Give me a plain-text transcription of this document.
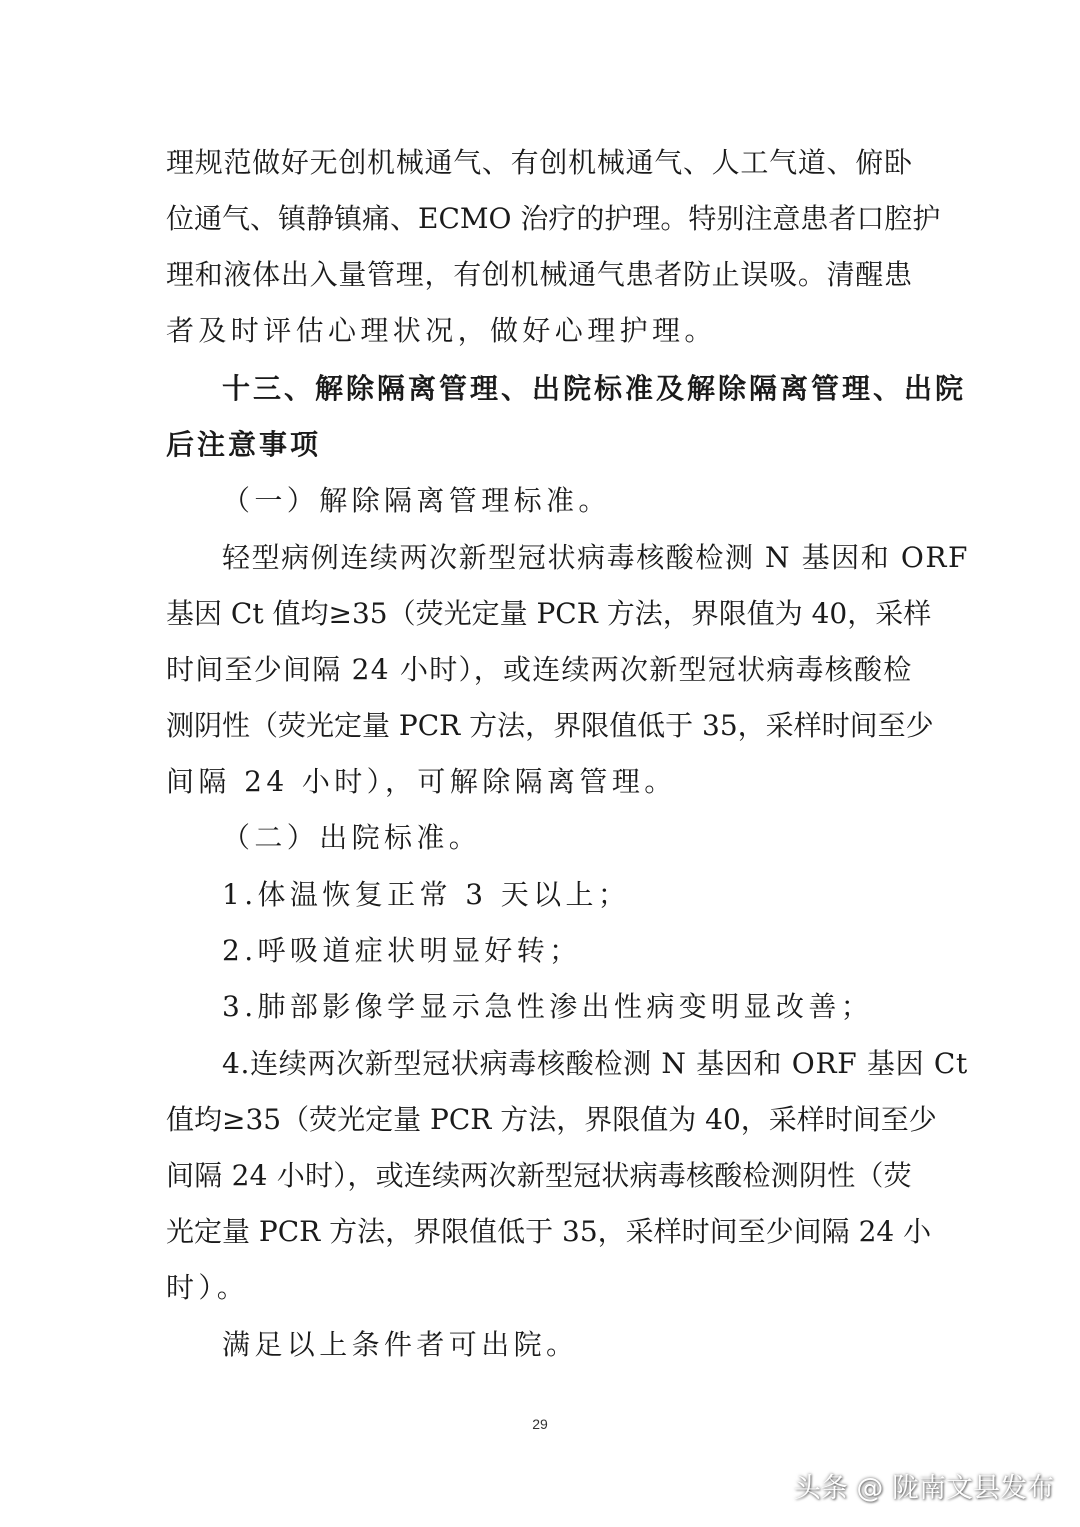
理规范做好无创机械通气、有创机械通气、人工气道、俯卧
位通气、镇静镇痛、ECMO 治疗的护理。特别注意患者口腔护
理和液体出入量管理，有创机械通气患者防止误吸。清醒患
者及时评估心理状况，做好心理护理。
十三、解除隔离管理、出院标准及解除隔离管理、出院
后注意事项
（一）解除隔离管理标准。
轻型病例连续两次新型冠状病毒核酸检测 N 基因和 ORF
基因 Ct 值均≥35（荧光定量 PCR 方法，界限值为 40，采样
时间至少间隔 24 小时），或连续两次新型冠状病毒核酸检
测阴性（荧光定量 PCR 方法，界限值低于 35，采样时间至少
间隔 24 小时），可解除隔离管理。
（二）出院标准。
1.体温恢复正常 3 天以上；
2.呼吸道症状明显好转；
3.肺部影像学显示急性渗出性病变明显改善；
4.连续两次新型冠状病毒核酸检测 N 基因和 ORF 基因 Ct
值均≥35（荧光定量 PCR 方法，界限值为 40，采样时间至少
间隔 24 小时），或连续两次新型冠状病毒核酸检测阴性（荧
光定量 PCR 方法，界限值低于 35，采样时间至少间隔 24 小
时）。
满足以上条件者可出院。
29
头条 @ 陇南文县发布
